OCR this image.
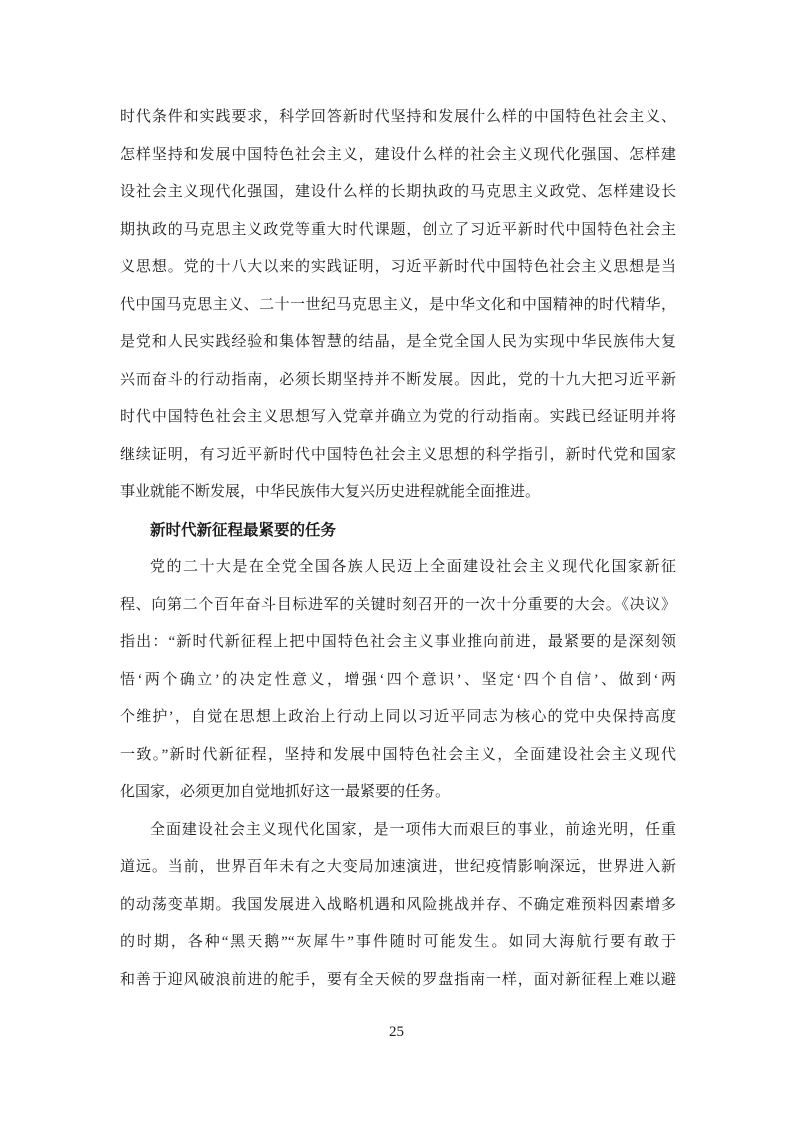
时代条件和实践要求，科学回答新时代坚持和发展什么样的中国特色社会主义、
怎样坚持和发展中国特色社会主义，建设什么样的社会主义现代化强国、怎样建
设社会主义现代化强国，建设什么样的长期执政的马克思主义政党、怎样建设长
期执政的马克思主义政党等重大时代课题，创立了习近平新时代中国特色社会主
义思想。党的十八大以来的实践证明，习近平新时代中国特色社会主义思想是当
代中国马克思主义、二十一世纪马克思主义，是中华文化和中国精神的时代精华，
是党和人民实践经验和集体智慧的结晶，是全党全国人民为实现中华民族伟大复
兴而奋斗的行动指南，必须长期坚持并不断发展。因此，党的十九大把习近平新
时代中国特色社会主义思想写入党章并确立为党的行动指南。实践已经证明并将
继续证明，有习近平新时代中国特色社会主义思想的科学指引，新时代党和国家
事业就能不断发展，中华民族伟大复兴历史进程就能全面推进。
新时代新征程最紧要的任务
党的二十大是在全党全国各族人民迈上全面建设社会主义现代化国家新征
程、向第二个百年奋斗目标进军的关键时刻召开的一次十分重要的大会。《决议》
指出：“新时代新征程上把中国特色社会主义事业推向前进，最紧要的是深刻领
悟‘两个确立’的决定性意义，增强‘四个意识’、坚定‘四个自信’、做到‘两
个维护’，自觉在思想上政治上行动上同以习近平同志为核心的党中央保持高度
一致。”新时代新征程，坚持和发展中国特色社会主义，全面建设社会主义现代
化国家，必须更加自觉地抓好这一最紧要的任务。
全面建设社会主义现代化国家，是一项伟大而艰巨的事业，前途光明，任重
道远。当前，世界百年未有之大变局加速演进，世纪疫情影响深远，世界进入新
的动荡变革期。我国发展进入战略机遇和风险挑战并存、不确定难预料因素增多
的时期，各种“黑天鹅”“灰犀牛”事件随时可能发生。如同大海航行要有敢于
和善于迎风破浪前进的舵手，要有全天候的罗盘指南一样，面对新征程上难以避
25
